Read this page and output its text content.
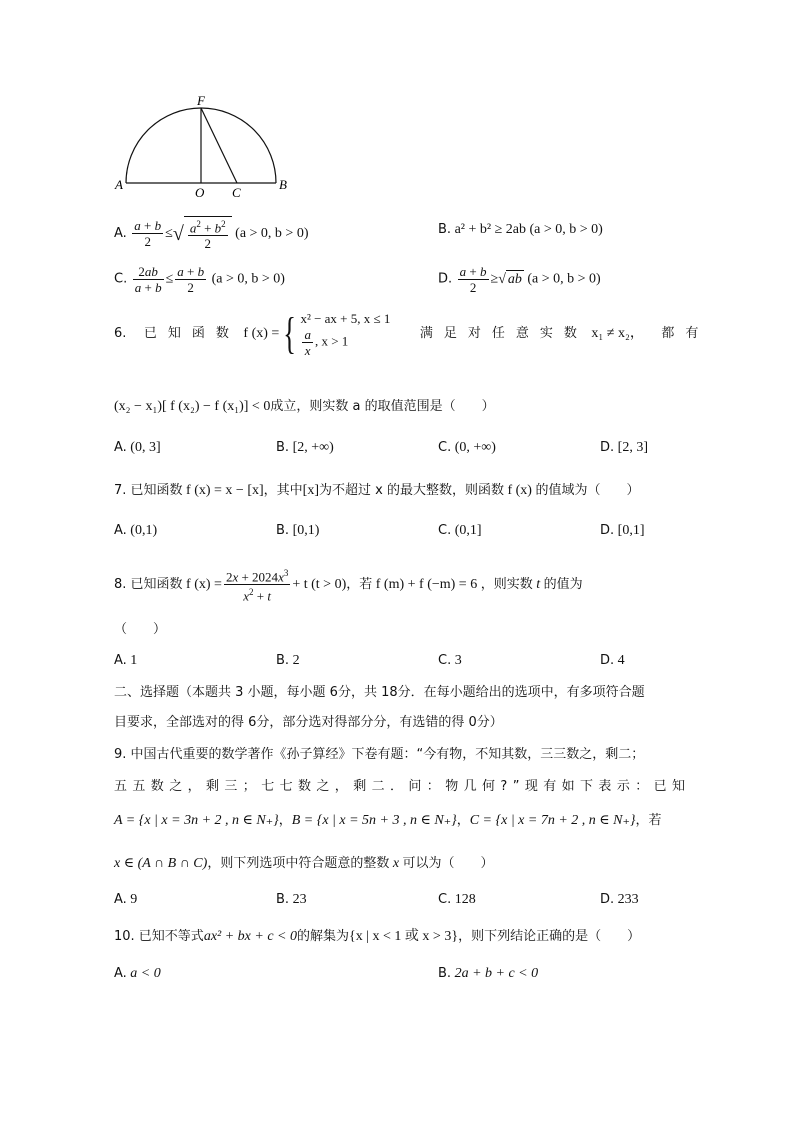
A	B
O C
F
A. $\frac{a + b}{2}$ ≤√ $\frac{a^2 + b^2}{2} (a > 0$, b > 0)	B. a² + b² ≥ 2ab (a > 0, b > 0)
C. $\frac{2ab}{a + b} \le \frac{a + b}{2} (a > 0$, b > 0)	D. $\frac{a + b}{2}$ ≥√ ab (a > 0, b > 0)
6. 已知函数 f (x) ={ x² − ax + 5, x ≤ 1
$\frac{a}{x}$ , x > 1	满足对任意实数 x₁ ≠ x₂， 都有
(x₂ − x₁)[ f (x₂) − f (x₁)] < 0成立，则实数 a 的取值范围是（　　）
A. (0, 3]	B. [2, +∞)	C. (0, +∞)	D. [2, 3]
7. 已知函数 f (x) = x − [x]，其中[x]为不超过 x 的最大整数，则函数 f (x) 的值域为（　　）
A. (0,1)	B. [0,1)	C. (0,1]	D. [0,1]
8. 已知函数 f $(x) = \frac{2x + 2024x^3}{x^2 + t} + t$ (t > 0)，若 f (m) + f (−m) = 6 ，则实数 t 的值为
（　　）
A. 1	B. 2	C. 3	D. 4
二、选择题（本题共 3 小题，每小题 6分，共 18分．在每小题给出的选项中，有多项符合题
目要求，全部选对的得 6分，部分选对得部分分，有选错的得 0分）
9. 中国古代重要的数学著作《孙子算经》下卷有题：“今有物，不知其数，三三数之，剩二；
五五数之，剩三；七七数之，剩二．问：物几何?”现有如下表示：已知
A = {x | x = 3n + 2 , n ∈ N₊}，B = {x | x = 5n + 3 , n ∈ N₊}，C = {x | x = 7n + 2 , n ∈ N₊}，若
x ∈ (A ∩ B ∩ C)，则下列选项中符合题意的整数 x 可以为（　　）
A. 9	B. 23	C. 128	D. 233
10. 已知不等式ax² + bx + c < 0的解集为{x | x < 1 或 x > 3}，则下列结论正确的是（　　）
A. a < 0	B. 2a + b + c < 0
